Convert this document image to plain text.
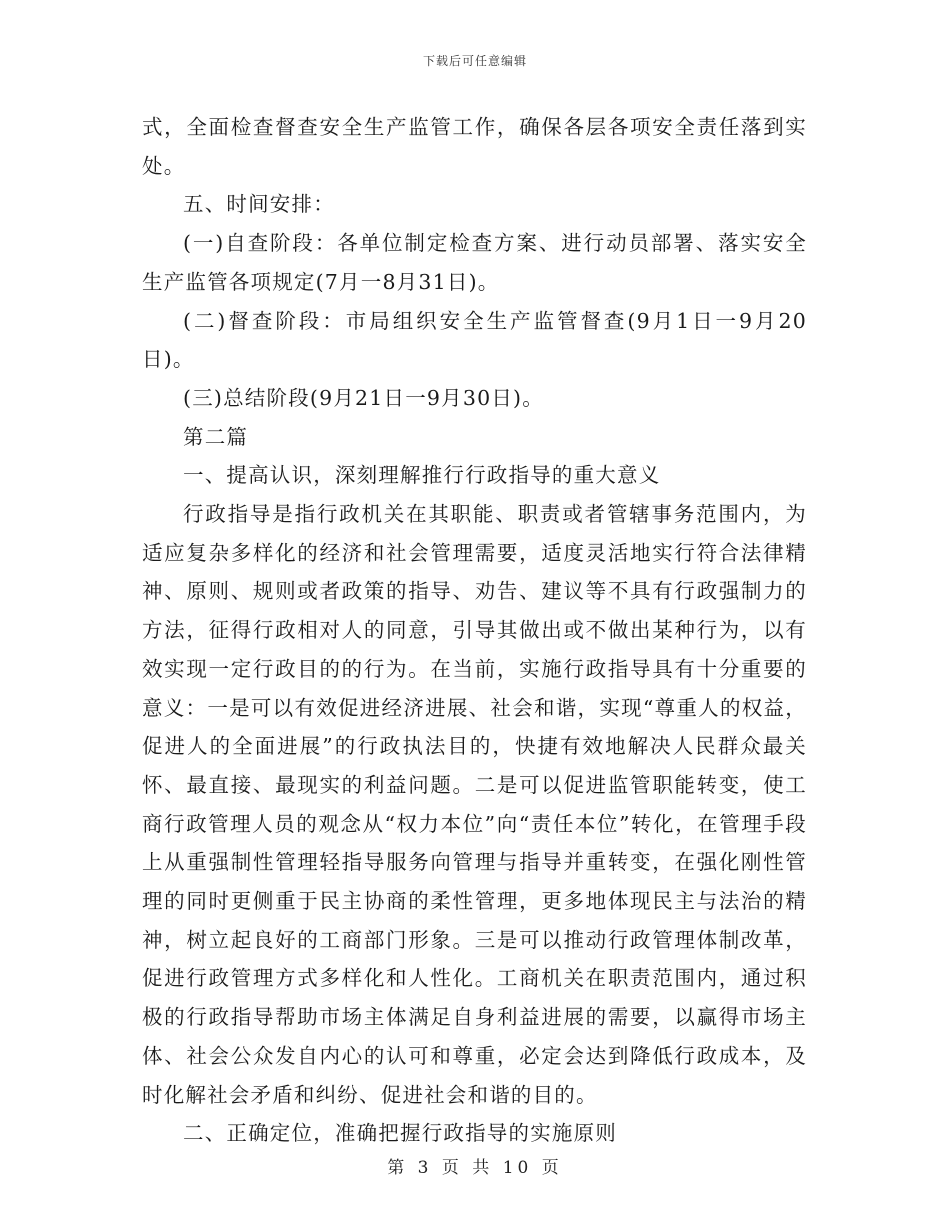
下载后可任意编辑

式，全面检查督查安全生产监管工作，确保各层各项安全责任落到实处。

五、时间安排：

(一)自查阶段：各单位制定检查方案、进行动员部署、落实安全生产监管各项规定(7月一8月31日)。

(二)督查阶段：市局组织安全生产监管督查(9月1日一9月20日)。

(三)总结阶段(9月21日一9月30日)。

第二篇

一、提高认识，深刻理解推行行政指导的重大意义

行政指导是指行政机关在其职能、职责或者管辖事务范围内，为适应复杂多样化的经济和社会管理需要，适度灵活地实行符合法律精神、原则、规则或者政策的指导、劝告、建议等不具有行政强制力的方法，征得行政相对人的同意，引导其做出或不做出某种行为，以有效实现一定行政目的的行为。在当前，实施行政指导具有十分重要的意义：一是可以有效促进经济进展、社会和谐，实现“尊重人的权益，促进人的全面进展”的行政执法目的，快捷有效地解决人民群众最关怀、最直接、最现实的利益问题。二是可以促进监管职能转变，使工商行政管理人员的观念从“权力本位”向“责任本位”转化，在管理手段上从重强制性管理轻指导服务向管理与指导并重转变，在强化刚性管理的同时更侧重于民主协商的柔性管理，更多地体现民主与法治的精神，树立起良好的工商部门形象。三是可以推动行政管理体制改革，促进行政管理方式多样化和人性化。工商机关在职责范围内，通过积极的行政指导帮助市场主体满足自身利益进展的需要，以赢得市场主体、社会公众发自内心的认可和尊重，必定会达到降低行政成本，及时化解社会矛盾和纠纷、促进社会和谐的目的。

二、正确定位，准确把握行政指导的实施原则

第 3 页 共 10 页
